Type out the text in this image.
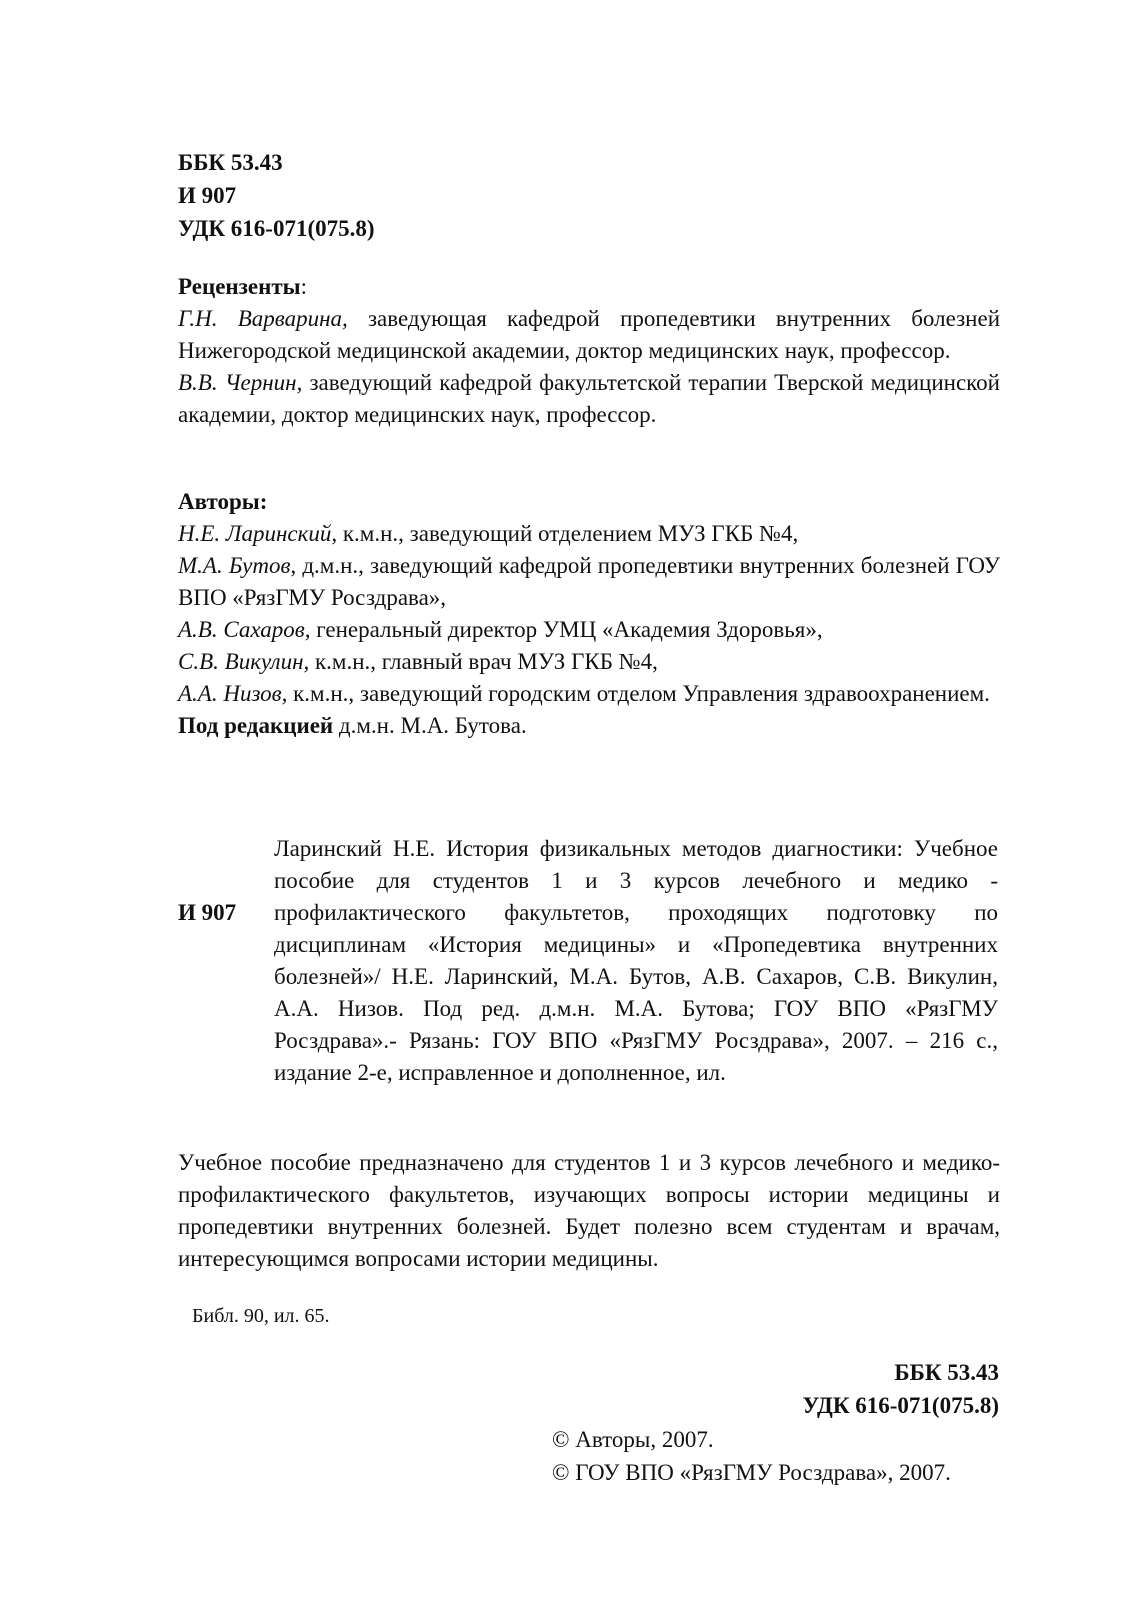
ББК 53.43
И 907
УДК 616-071(075.8)

Рецензенты:

Г.Н. Варварина, заведующая кафедрой пропедевтики внутренних болезней Нижегородской медицинской академии, доктор медицинских наук, профессор.

В.В. Чернин, заведующий кафедрой факультетской терапии Тверской медицинской академии, доктор медицинских наук, профессор.

Авторы:

Н.Е. Ларинский, к.м.н., заведующий отделением МУЗ ГКБ №4,

М.А. Бутов, д.м.н., заведующий кафедрой пропедевтики внутренних болезней ГОУ ВПО «РязГМУ Росздрава»,

А.В. Сахаров, генеральный директор УМЦ «Академия Здоровья»,

С.В. Викулин, к.м.н., главный врач МУЗ ГКБ №4,

А.А. Низов, к.м.н., заведующий городским отделом Управления здравоохранением.

Под редакцией д.м.н. М.А. Бутова.

И 907
Ларинский Н.Е. История физикальных методов диагностики: Учебное пособие для студентов 1 и 3 курсов лечебного и медико - профилактического факультетов, проходящих подготовку по дисциплинам «История медицины» и «Пропедевтика внутренних болезней»/ Н.Е. Ларинский, М.А. Бутов, А.В. Сахаров, С.В. Викулин, А.А. Низов. Под ред. д.м.н. М.А. Бутова; ГОУ ВПО «РязГМУ Росздрава».- Рязань: ГОУ ВПО «РязГМУ Росздрава», 2007. – 216 с., издание 2-е, исправленное и дополненное, ил.
Учебное пособие предназначено для студентов 1 и 3 курсов лечебного и медико-профилактического факультетов, изучающих вопросы истории медицины и пропедевтики внутренних болезней. Будет полезно всем студентам и врачам, интересующимся вопросами истории медицины.
Библ. 90, ил. 65.
ББК 53.43
УДК 616-071(075.8)
© Авторы, 2007.
© ГОУ ВПО «РязГМУ Росздрава», 2007.
